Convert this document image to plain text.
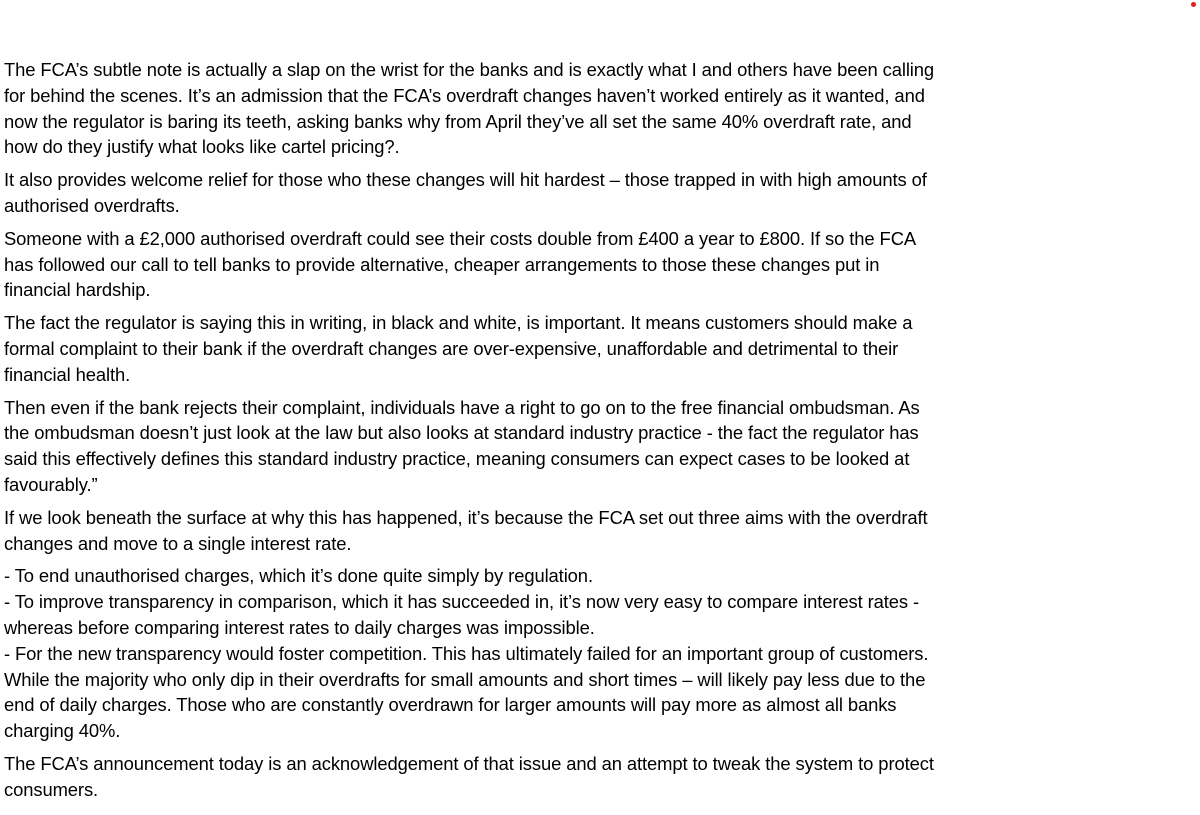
The FCA’s subtle note is actually a slap on the wrist for the banks and is exactly what I and others have been calling for behind the scenes. It’s an admission that the FCA’s overdraft changes haven’t worked entirely as it wanted, and now the regulator is baring its teeth, asking banks why from April they’ve all set the same 40% overdraft rate, and how do they justify what looks like cartel pricing?.

It also provides welcome relief for those who these changes will hit hardest – those trapped in with high amounts of authorised overdrafts.

Someone with a £2,000 authorised overdraft could see their costs double from £400 a year to £800. If so the FCA has followed our call to tell banks to provide alternative, cheaper arrangements to those these changes put in financial hardship.

The fact the regulator is saying this in writing, in black and white, is important. It means customers should make a formal complaint to their bank if the overdraft changes are over-expensive, unaffordable and detrimental to their financial health.

Then even if the bank rejects their complaint, individuals have a right to go on to the free financial ombudsman. As the ombudsman doesn’t just look at the law but also looks at standard industry practice - the fact the regulator has said this effectively defines this standard industry practice, meaning consumers can expect cases to be looked at favourably.”

If we look beneath the surface at why this has happened, it’s because the FCA set out three aims with the overdraft changes and move to a single interest rate.

- To end unauthorised charges, which it’s done quite simply by regulation.
- To improve transparency in comparison, which it has succeeded in, it’s now very easy to compare interest rates - whereas before comparing interest rates to daily charges was impossible.
- For the new transparency would foster competition. This has ultimately failed for an important group of customers. While the majority who only dip in their overdrafts for small amounts and short times – will likely pay less due to the end of daily charges. Those who are constantly overdrawn for larger amounts will pay more as almost all banks charging 40%.

The FCA’s announcement today is an acknowledgement of that issue and an attempt to tweak the system to protect consumers.
